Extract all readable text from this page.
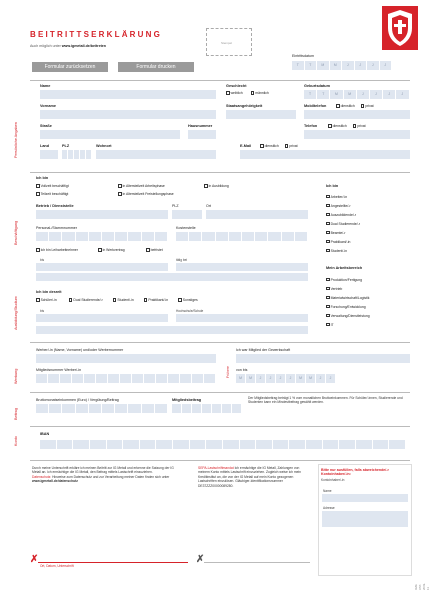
BEITRITTSERKLÄRUNG
Auch möglich unter www.igmetall.de/beitreten
Stempel
Formular zurücksetzen	Formular drucken
Eintrittsdatum
T	T	M	M	J	J	J	J
Persönliche Angaben
Name
Vorname
Straße	Hausnummer
Land	PLZ	Wohnort
Geschlecht
weiblich	männlich
Geburtsdatum
T	T	M	M	J	J	J	J
Staatsangehörigkeit	Mobiltelefon	dienstlich	privat
Telefon	dienstlich	privat
E-Mail	dienstlich	privat
Beschäftigung
Ich bin
Vollzeit beschäftigt	in Altersteilzeit Arbeitsphase	in Ausbildung
Teilzeit beschäftigt	in Altersteilzeit Freistellungsphase
Betrieb / Dienststelle	PLZ	Ort
Personal-/Stammnummer	Kostenstelle
Ich bin Leiharbeitnehmer	in Werkvertrag	befristet
bis	tätig bei
Ich bin
Arbeiter/-in
Angestellte/-r
Auszubildende/-r
Dual Studierende/-r
Beamte/-r
Praktikant/-in
Student/-in
Mein Arbeitsbereich
Produktion/Fertigung
Vertrieb
Materialwirtschaft/Logistik
Forschung/Entwicklung
Verwaltung/Dienstleistung
IT
Ausbildung/Studium
Ich bin derzeit
Schüler/-in	Dual Studierende/-r	Student/-in	Praktikant/-in	Sonstiges
bis	Hochschule/Schule
Werbung
Werber/-in (Name, Vorname) und/oder Werbernummer
Mitgliedsnummer Werber/-in	Frühere
Ich war Mitglied der Gewerkschaft
von bis
M	M	J	J	J	J	M	M	J	J
Beitrag
Bruttomonatseinkommen (Euro) / Vergütung/Beitrag	Mitgliedsbeitrag	Der Mitgliedsbeitrag beträgt 1 % vom monatlichen Bruttoeinkommen. Für Schüler/-innen, Studierende und Studenten kann ein Mindestbeitrag gewählt werden.
Konto
IBAN
Durch meine Unterschrift erkläre ich meinen Beitritt zur IG Metall und erkenne die Satzung der IG Metall an. Ich ermächtige die IG Metall, den Beitrag mittels Lastschrift einzuziehen.
Datenschutz: Hinweise zum Datenschutz und zur Verarbeitung meiner Daten finden sich unter www.igmetall.de/datenschutz
SEPA-Lastschriftmandat Ich ermächtige die IG Metall, Zahlungen von meinem Konto mittels Lastschrift einzuziehen. Zugleich weise ich mein Kreditinstitut an, die von der IG Metall auf mein Konto gezogenen Lastschriften einzulösen. Gläubiger-Identifikationsnummer DE37ZZZ00000089280.
Bitte nur ausfüllen, falls abweichende/-r Kontoinhaber/-in:
Kontoinhaber/-in
Name
Adresse
✗
Ort, Datum, Unterschrift
✗
IGM-VST-2019-11
